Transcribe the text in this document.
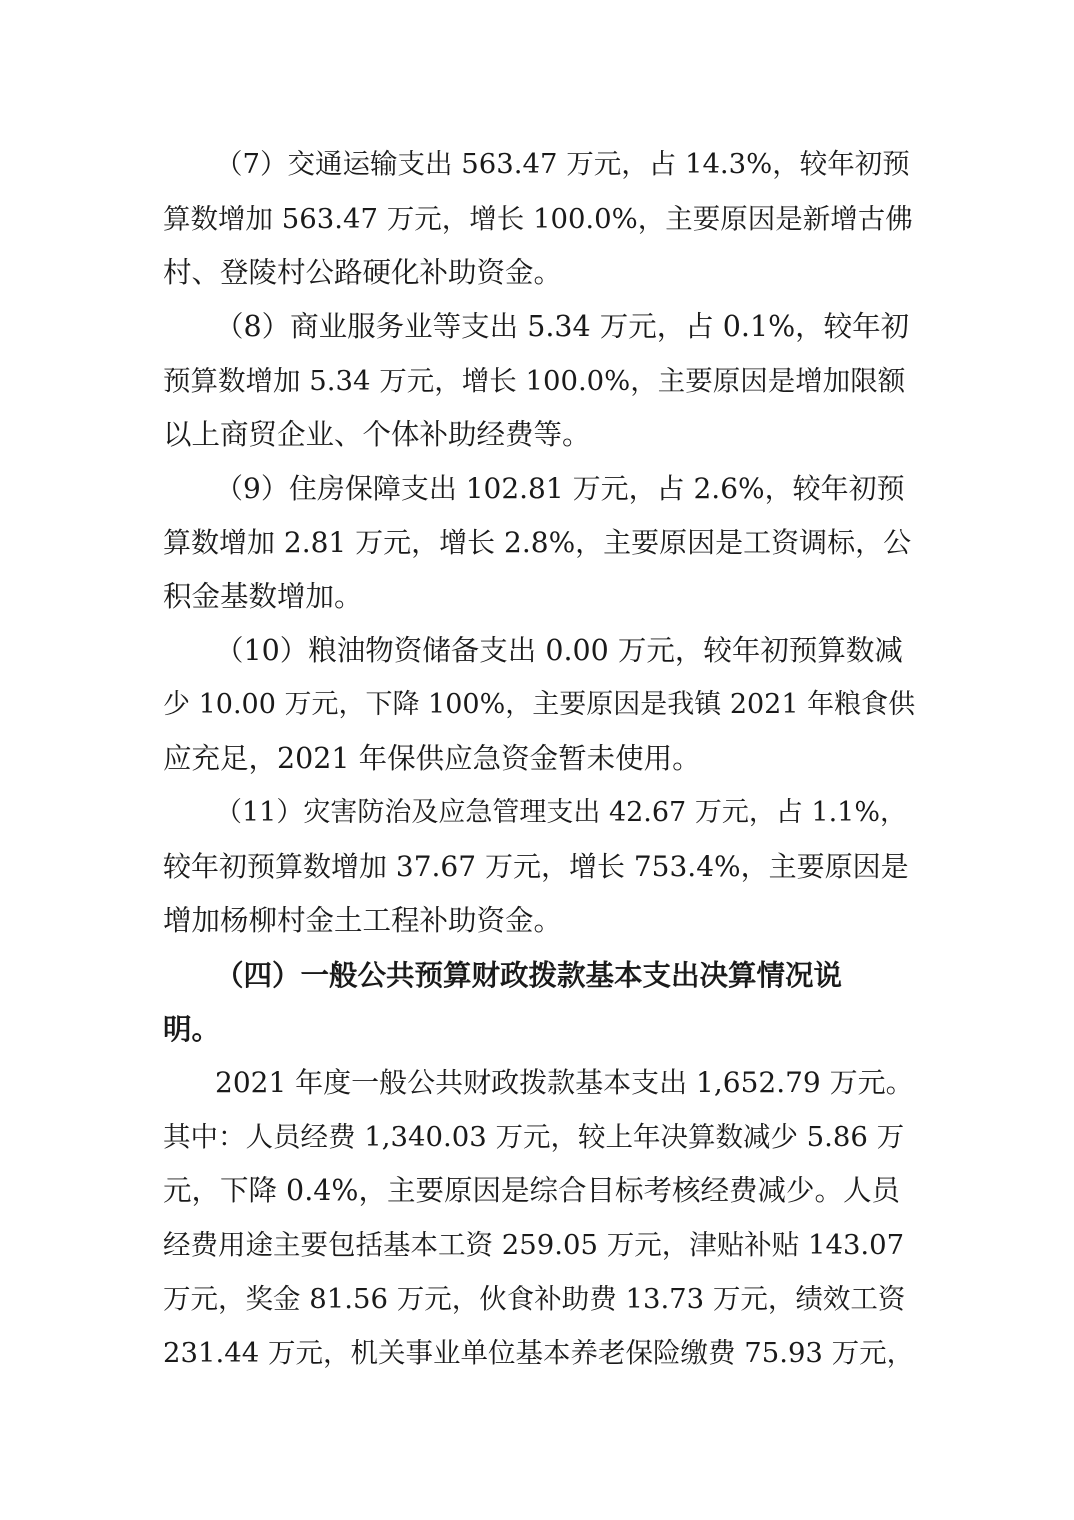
（7）交通运输支出 563.47 万元，占 14.3%，较年初预
算数增加 563.47 万元，增长 100.0%，主要原因是新增古佛
村、登陵村公路硬化补助资金。
（8）商业服务业等支出 5.34 万元，占 0.1%，较年初
预算数增加 5.34 万元，增长 100.0%，主要原因是增加限额
以上商贸企业、个体补助经费等。
（9）住房保障支出 102.81 万元，占 2.6%，较年初预
算数增加 2.81 万元，增长 2.8%，主要原因是工资调标，公
积金基数增加。
（10）粮油物资储备支出 0.00 万元，较年初预算数减
少 10.00 万元，下降 100%，主要原因是我镇 2021 年粮食供
应充足，2021 年保供应急资金暂未使用。
（11）灾害防治及应急管理支出 42.67 万元，占 1.1%，
较年初预算数增加 37.67 万元，增长 753.4%，主要原因是
增加杨柳村金土工程补助资金。
（四）一般公共预算财政拨款基本支出决算情况说
明。
2021 年度一般公共财政拨款基本支出 1,652.79 万元。
其中：人员经费 1,340.03 万元，较上年决算数减少 5.86 万
元，下降 0.4%，主要原因是综合目标考核经费减少。人员
经费用途主要包括基本工资 259.05 万元，津贴补贴 143.07
万元，奖金 81.56 万元，伙食补助费 13.73 万元，绩效工资
231.44 万元，机关事业单位基本养老保险缴费 75.93 万元，
